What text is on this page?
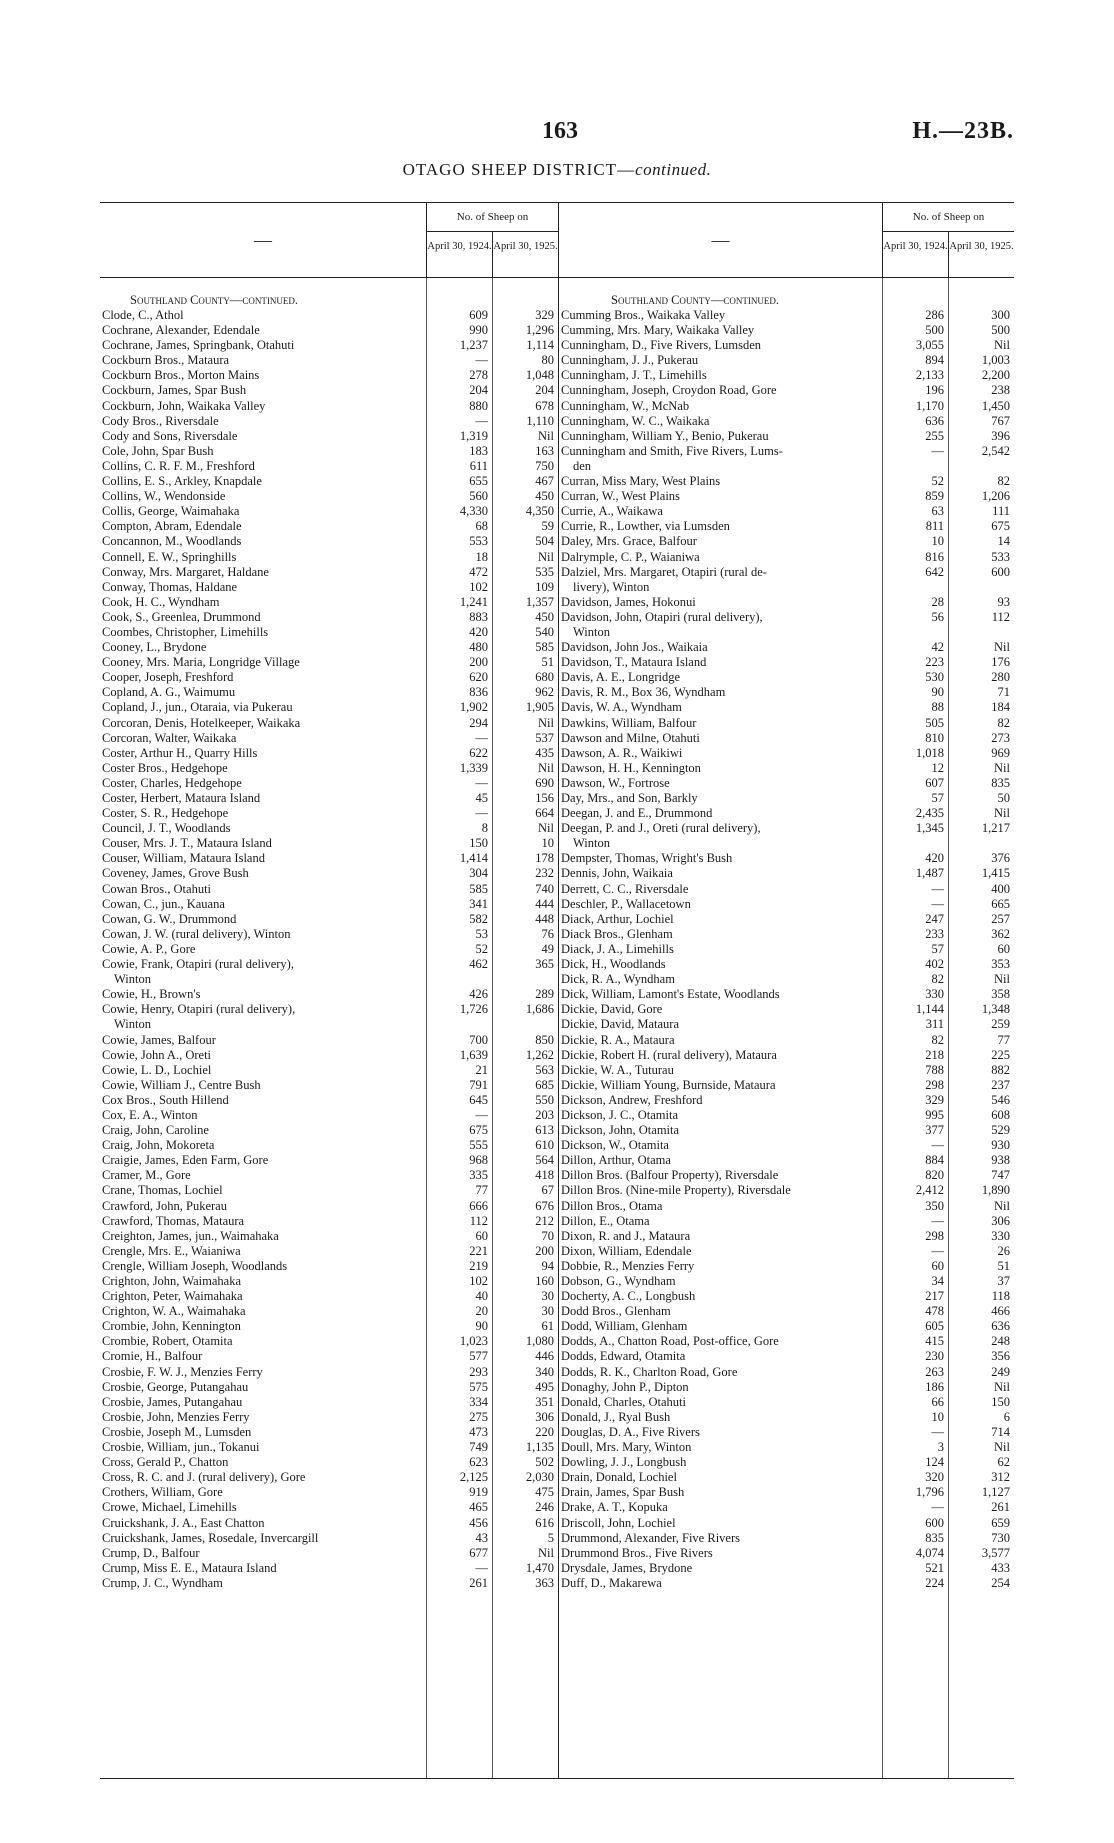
163	H.—23B.
OTAGO SHEEP DISTRICT—continued.
—
No. of Sheep on
April 30, 1924. April 30, 1925.
Southland County—continued.
Clode, C., Athol	609	329
Cochrane, Alexander, Edendale	990	1,296
Cochrane, James, Springbank, Otahuti	1,237	1,114
Cockburn Bros., Mataura	—	80
Cockburn Bros., Morton Mains	278	1,048
Cockburn, James, Spar Bush	204	204
Cockburn, John, Waikaka Valley	880	678
Cody Bros., Riversdale	—	1,110
Cody and Sons, Riversdale	1,319	Nil
Cole, John, Spar Bush	183	163
Collins, C. R. F. M., Freshford	611	750
Collins, E. S., Arkley, Knapdale	655	467
Collins, W., Wendonside	560	450
Collis, George, Waimahaka	4,330	4,350
Compton, Abram, Edendale	68	59
Concannon, M., Woodlands	553	504
Connell, E. W., Springhills	18	Nil
Conway, Mrs. Margaret, Haldane	472	535
Conway, Thomas, Haldane	102	109
Cook, H. C., Wyndham	1,241	1,357
Cook, S., Greenlea, Drummond	883	450
Coombes, Christopher, Limehills	420	540
Cooney, L., Brydone	480	585
Cooney, Mrs. Maria, Longridge Village	200	51
Cooper, Joseph, Freshford	620	680
Copland, A. G., Waimumu	836	962
Copland, J., jun., Otaraia, via Pukerau	1,902	1,905
Corcoran, Denis, Hotelkeeper, Waikaka	294	Nil
Corcoran, Walter, Waikaka	—	537
Coster, Arthur H., Quarry Hills	622	435
Coster Bros., Hedgehope	1,339	Nil
Coster, Charles, Hedgehope	—	690
Coster, Herbert, Mataura Island	45	156
Coster, S. R., Hedgehope	—	664
Council, J. T., Woodlands	8	Nil
Couser, Mrs. J. T., Mataura Island	150	10
Couser, William, Mataura Island	1,414	178
Coveney, James, Grove Bush	304	232
Cowan Bros., Otahuti	585	740
Cowan, C., jun., Kauana	341	444
Cowan, G. W., Drummond	582	448
Cowan, J. W. (rural delivery), Winton	53	76
Cowie, A. P., Gore	52	49
Cowie, Frank, Otapiri (rural delivery),	462	365
Winton
Cowie, H., Brown's	426	289
Cowie, Henry, Otapiri (rural delivery),	1,726	1,686
Winton
Cowie, James, Balfour	700	850
Cowie, John A., Oreti	1,639	1,262
Cowie, L. D., Lochiel	21	563
Cowie, William J., Centre Bush	791	685
Cox Bros., South Hillend	645	550
Cox, E. A., Winton	—	203
Craig, John, Caroline	675	613
Craig, John, Mokoreta	555	610
Craigie, James, Eden Farm, Gore	968	564
Cramer, M., Gore	335	418
Crane, Thomas, Lochiel	77	67
Crawford, John, Pukerau	666	676
Crawford, Thomas, Mataura	112	212
Creighton, James, jun., Waimahaka	60	70
Crengle, Mrs. E., Waianiwa	221	200
Crengle, William Joseph, Woodlands	219	94
Crighton, John, Waimahaka	102	160
Crighton, Peter, Waimahaka	40	30
Crighton, W. A., Waimahaka	20	30
Crombie, John, Kennington	90	61
Crombie, Robert, Otamita	1,023	1,080
Cromie, H., Balfour	577	446
Crosbie, F. W. J., Menzies Ferry	293	340
Crosbie, George, Putangahau	575	495
Crosbie, James, Putangahau	334	351
Crosbie, John, Menzies Ferry	275	306
Crosbie, Joseph M., Lumsden	473	220
Crosbie, William, jun., Tokanui	749	1,135
Cross, Gerald P., Chatton	623	502
Cross, R. C. and J. (rural delivery), Gore	2,125	2,030
Crothers, William, Gore	919	475
Crowe, Michael, Limehills	465	246
Cruickshank, J. A., East Chatton	456	616
Cruickshank, James, Rosedale, Invercargill	43	5
Crump, D., Balfour	677	Nil
Crump, Miss E. E., Mataura Island	—	1,470
Crump, J. C., Wyndham	261	363
—
No. of Sheep on
April 30, 1924. April 30, 1925.
Southland County—continued.
Cumming Bros., Waikaka Valley	286	300
Cumming, Mrs. Mary, Waikaka Valley	500	500
Cunningham, D., Five Rivers, Lumsden	3,055	Nil
Cunningham, J. J., Pukerau	894	1,003
Cunningham, J. T., Limehills	2,133	2,200
Cunningham, Joseph, Croydon Road, Gore	196	238
Cunningham, W., McNab	1,170	1,450
Cunningham, W. C., Waikaka	636	767
Cunningham, William Y., Benio, Pukerau	255	396
Cunningham and Smith, Five Rivers, Lums-	—	2,542
den
Curran, Miss Mary, West Plains	52	82
Curran, W., West Plains	859	1,206
Currie, A., Waikawa	63	111
Currie, R., Lowther, via Lumsden	811	675
Daley, Mrs. Grace, Balfour	10	14
Dalrymple, C. P., Waianiwa	816	533
Dalziel, Mrs. Margaret, Otapiri (rural de-	642	600
livery), Winton
Davidson, James, Hokonui	28	93
Davidson, John, Otapiri (rural delivery),	56	112
Winton
Davidson, John Jos., Waikaia	42	Nil
Davidson, T., Mataura Island	223	176
Davis, A. E., Longridge	530	280
Davis, R. M., Box 36, Wyndham	90	71
Davis, W. A., Wyndham	88	184
Dawkins, William, Balfour	505	82
Dawson and Milne, Otahuti	810	273
Dawson, A. R., Waikiwi	1,018	969
Dawson, H. H., Kennington	12	Nil
Dawson, W., Fortrose	607	835
Day, Mrs., and Son, Barkly	57	50
Deegan, J. and E., Drummond	2,435	Nil
Deegan, P. and J., Oreti (rural delivery),	1,345	1,217
Winton
Dempster, Thomas, Wright's Bush	420	376
Dennis, John, Waikaia	1,487	1,415
Derrett, C. C., Riversdale	—	400
Deschler, P., Wallacetown	—	665
Diack, Arthur, Lochiel	247	257
Diack Bros., Glenham	233	362
Diack, J. A., Limehills	57	60
Dick, H., Woodlands	402	353
Dick, R. A., Wyndham	82	Nil
Dick, William, Lamont's Estate, Woodlands	330	358
Dickie, David, Gore	1,144	1,348
Dickie, David, Mataura	311	259
Dickie, R. A., Mataura	82	77
Dickie, Robert H. (rural delivery), Mataura	218	225
Dickie, W. A., Tuturau	788	882
Dickie, William Young, Burnside, Mataura	298	237
Dickson, Andrew, Freshford	329	546
Dickson, J. C., Otamita	995	608
Dickson, John, Otamita	377	529
Dickson, W., Otamita	—	930
Dillon, Arthur, Otama	884	938
Dillon Bros. (Balfour Property), Riversdale	820	747
Dillon Bros. (Nine-mile Property), Riversdale	2,412	1,890
Dillon Bros., Otama	350	Nil
Dillon, E., Otama	—	306
Dixon, R. and J., Mataura	298	330
Dixon, William, Edendale	—	26
Dobbie, R., Menzies Ferry	60	51
Dobson, G., Wyndham	34	37
Docherty, A. C., Longbush	217	118
Dodd Bros., Glenham	478	466
Dodd, William, Glenham	605	636
Dodds, A., Chatton Road, Post-office, Gore	415	248
Dodds, Edward, Otamita	230	356
Dodds, R. K., Charlton Road, Gore	263	249
Donaghy, John P., Dipton	186	Nil
Donald, Charles, Otahuti	66	150
Donald, J., Ryal Bush	10	6
Douglas, D. A., Five Rivers	—	714
Doull, Mrs. Mary, Winton	3	Nil
Dowling, J. J., Longbush	124	62
Drain, Donald, Lochiel	320	312
Drain, James, Spar Bush	1,796	1,127
Drake, A. T., Kopuka	—	261
Driscoll, John, Lochiel	600	659
Drummond, Alexander, Five Rivers	835	730
Drummond Bros., Five Rivers	4,074	3,577
Drysdale, James, Brydone	521	433
Duff, D., Makarewa	224	254
